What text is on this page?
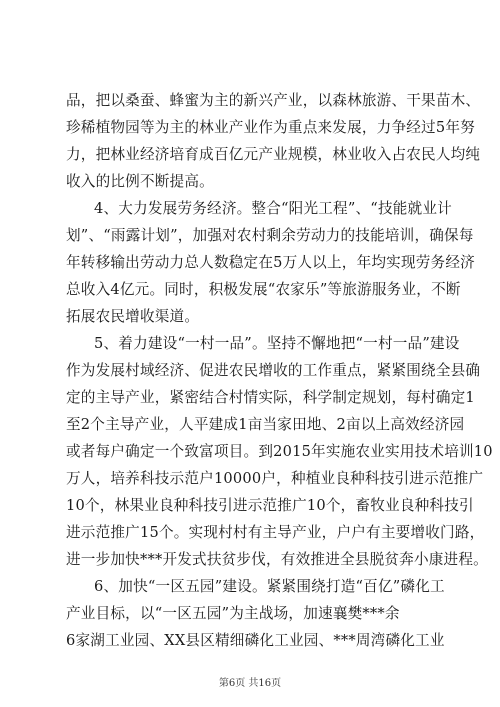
品，把以桑蚕、蜂蜜为主的新兴产业，以森林旅游、干果苗木、
珍稀植物园等为主的林业产业作为重点来发展，力争经过5年努
力，把林业经济培育成百亿元产业规模，林业收入占农民人均纯
收入的比例不断提高。
4、大力发展劳务经济。整合“阳光工程”、“技能就业计
划”、“雨露计划”，加强对农村剩余劳动力的技能培训，确保每
年转移输出劳动力总人数稳定在5万人以上，年均实现劳务经济
总收入4亿元。同时，积极发展“农家乐”等旅游服务业，不断
拓展农民增收渠道。
5、着力建设“一村一品”。坚持不懈地把“一村一品”建设
作为发展村域经济、促进农民增收的工作重点，紧紧围绕全县确
定的主导产业，紧密结合村情实际，科学制定规划，每村确定1
至2个主导产业，人平建成1亩当家田地、2亩以上高效经济园
或者每户确定一个致富项目。到2015年实施农业实用技术培训10
万人，培养科技示范户10000户，种植业良种科技引进示范推广
10个，林果业良种科技引进示范推广10个，畜牧业良种科技引
进示范推广15个。实现村村有主导产业，户户有主要增收门路，
进一步加快***开发式扶贫步伐，有效推进全县脱贫奔小康进程。
6、加快“一区五园”建设。紧紧围绕打造“百亿”磷化工
产业目标，以“一区五园”为主战场，加速襄樊***余
6家湖工业园、XX县区精细磷化工业园、***周湾磷化工业
第6页 共16页
